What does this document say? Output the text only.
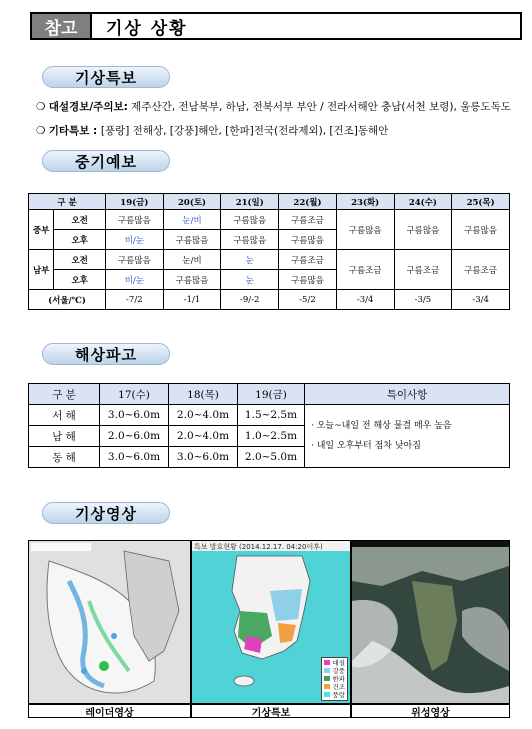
참고	기상 상황
기상특보
❍ 대설경보/주의보: 제주산간, 전남북부, 하남, 전북서부 부안 / 전라서해안 충남(서천 보령), 울릉도독도
❍ 기타특보 : [풍랑] 전해상, [강풍]해안, [한파]전국(전라제외), [건조]동해안
중기예보
구 분		19(금)	20(토)	21(일)	22(월)	23(화)	24(수)	25(목)
중부	오전	구름많음	눈/비	구름많음	구름조금	구름많음	구름많음	구름많음
	오후	비/눈	구름많음	구름많음	구름많음			
남부	오전	구름많음	눈/비	눈	구름조금	구름조금	구름조금	구름조금
	오후	비/눈	구름많음	눈	구름많음			
(서울/℃)		-7/2	-1/1	-9/-2	-5/2	-3/4	-3/5	-3/4
해상파고
구 분	17(수)	18(목)	19(금)	특이사항
서 해	3.0~6.0m	2.0~4.0m	1.5~2.5m	· 오늘~내일 전 해상 물결 매우 높음
· 내일 오후부터 점차 낮아짐

남 해	2.0~6.0m	2.0~4.0m	1.0~2.5m	
동 해	3.0~6.0m	3.0~6.0m	2.0~5.0m	
기상영상
레이더영상
특보 발효현황 (2014.12.17. 04:20이후)
대설
강풍
한파
건조
풍랑
기상특보	위성영상
